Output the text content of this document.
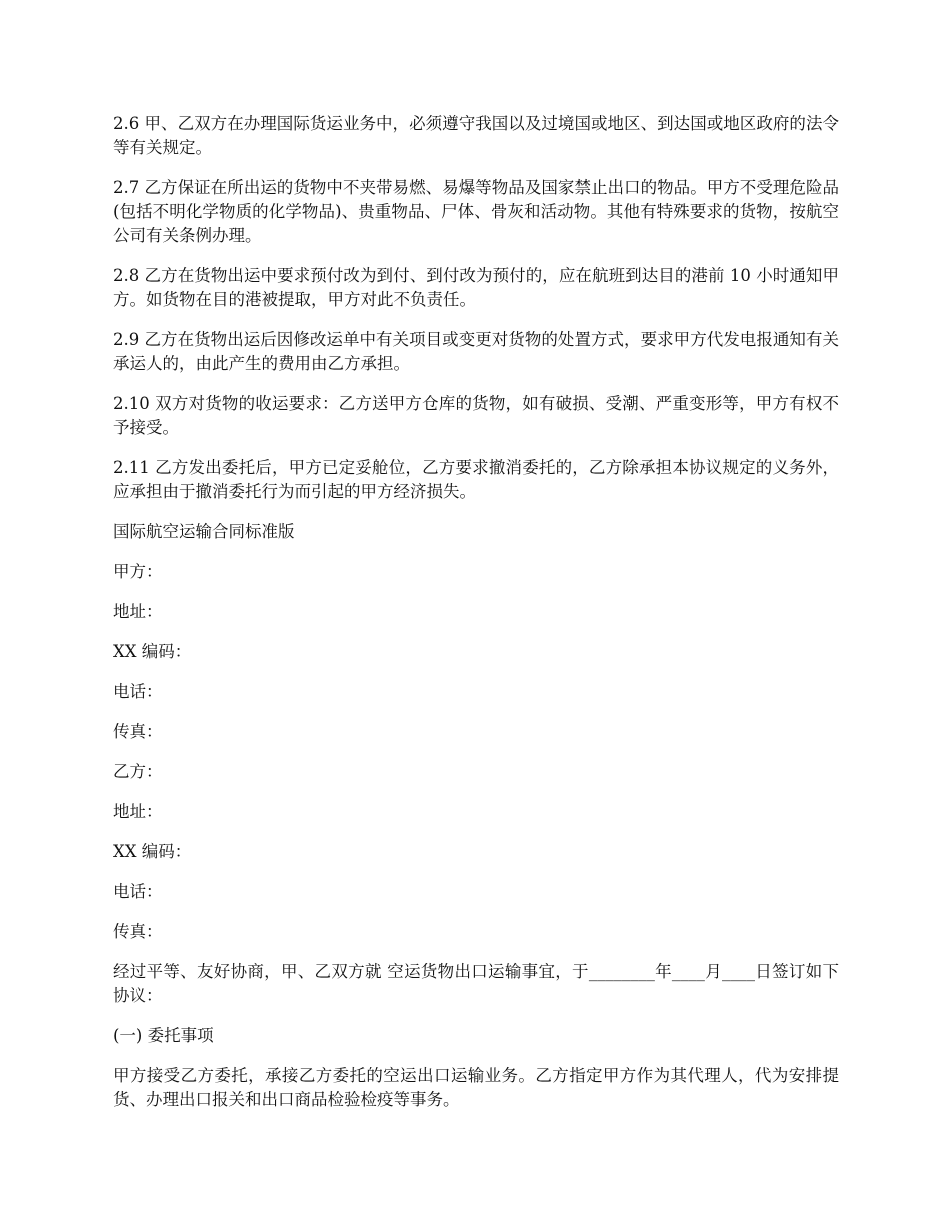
2.6 甲、乙双方在办理国际货运业务中，必须遵守我国以及过境国或地区、到达国或地区政府的法令等有关规定。

2.7 乙方保证在所出运的货物中不夹带易燃、易爆等物品及国家禁止出口的物品。甲方不受理危险品(包括不明化学物质的化学物品)、贵重物品、尸体、骨灰和活动物。其他有特殊要求的货物，按航空公司有关条例办理。

2.8 乙方在货物出运中要求预付改为到付、到付改为预付的，应在航班到达目的港前 10 小时通知甲方。如货物在目的港被提取，甲方对此不负责任。

2.9 乙方在货物出运后因修改运单中有关项目或变更对货物的处置方式，要求甲方代发电报通知有关承运人的，由此产生的费用由乙方承担。

2.10 双方对货物的收运要求：乙方送甲方仓库的货物，如有破损、受潮、严重变形等，甲方有权不予接受。

2.11 乙方发出委托后，甲方已定妥舱位，乙方要求撤消委托的，乙方除承担本协议规定的义务外，应承担由于撤消委托行为而引起的甲方经济损失。

国际航空运输合同标准版

甲方：

地址：

XX 编码：

电话：

传真：

乙方：

地址：

XX 编码：

电话：

传真：

经过平等、友好协商，甲、乙双方就 空运货物出口运输事宜，于________年____月____日签订如下协议：

(一) 委托事项

甲方接受乙方委托，承接乙方委托的空运出口运输业务。乙方指定甲方作为其代理人，代为安排提货、办理出口报关和出口商品检验检疫等事务。
